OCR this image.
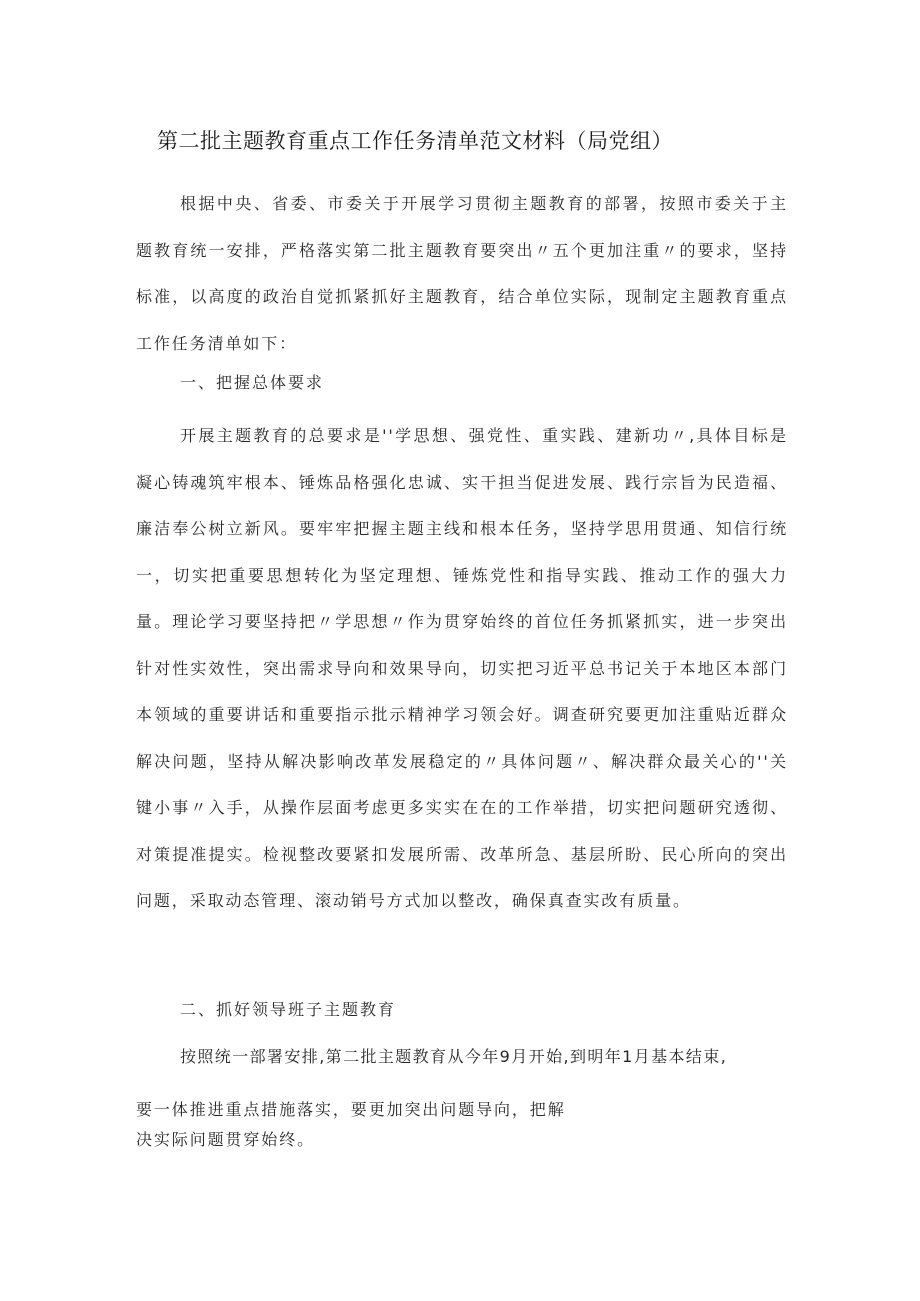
第二批主题教育重点工作任务清单范文材料（局党组）

根据中央、省委、市委关于开展学习贯彻主题教育的部署，按照市委关于主题教育统一安排，严格落实第二批主题教育要突出〃五个更加注重〃的要求，坚持标准，以高度的政治自觉抓紧抓好主题教育，结合单位实际，现制定主题教育重点工作任务清单如下：

一、把握总体要求

开展主题教育的总要求是''学思想、强党性、重实践、建新功〃,具体目标是凝心铸魂筑牢根本、锤炼品格强化忠诚、实干担当促进发展、践行宗旨为民造福、廉洁奉公树立新风。要牢牢把握主题主线和根本任务，坚持学思用贯通、知信行统一，切实把重要思想转化为坚定理想、锤炼党性和指导实践、推动工作的强大力量。理论学习要坚持把〃学思想〃作为贯穿始终的首位任务抓紧抓实，进一步突出针对性实效性，突出需求导向和效果导向，切实把习近平总书记关于本地区本部门本领域的重要讲话和重要指示批示精神学习领会好。调查研究要更加注重贴近群众解决问题，坚持从解决影响改革发展稳定的〃具体问题〃、解决群众最关心的''关键小事〃入手，从操作层面考虑更多实实在在的工作举措，切实把问题研究透彻、对策提准提实。检视整改要紧扣发展所需、改革所急、基层所盼、民心所向的突出问题，采取动态管理、滚动销号方式加以整改，确保真查实改有质量。

二、抓好领导班子主题教育

按照统一部署安排,第二批主题教育从今年9月开始,到明年1月基本结束,

要一体推进重点措施落实，要更加突出问题导向，把解

决实际问题贯穿始终。
